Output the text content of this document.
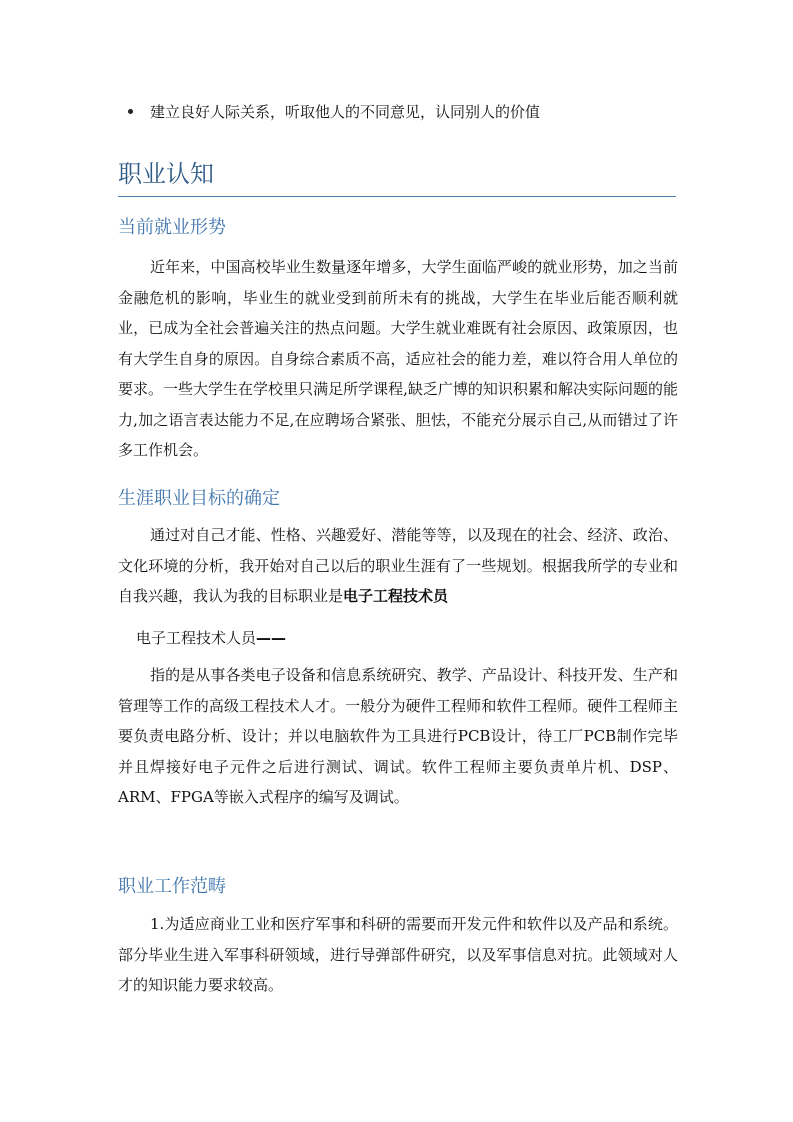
建立良好人际关系，听取他人的不同意见，认同别人的价值
职业认知
当前就业形势

近年来，中国高校毕业生数量逐年增多，大学生面临严峻的就业形势，加之当前金融危机的影响，毕业生的就业受到前所未有的挑战，大学生在毕业后能否顺利就业，已成为全社会普遍关注的热点问题。大学生就业难既有社会原因、政策原因，也有大学生自身的原因。自身综合素质不高，适应社会的能力差，难以符合用人单位的要求。一些大学生在学校里只满足所学课程,缺乏广博的知识积累和解决实际问题的能力,加之语言表达能力不足,在应聘场合紧张、胆怯，不能充分展示自己,从而错过了许多工作机会。

生涯职业目标的确定

通过对自己才能、性格、兴趣爱好、潜能等等，以及现在的社会、经济、政治、文化环境的分析，我开始对自己以后的职业生涯有了一些规划。根据我所学的专业和自我兴趣，我认为我的目标职业是电子工程技术员

电子工程技术人员——

指的是从事各类电子设备和信息系统研究、教学、产品设计、科技开发、生产和管理等工作的高级工程技术人才。一般分为硬件工程师和软件工程师。硬件工程师主要负责电路分析、设计；并以电脑软件为工具进行PCB设计，待工厂PCB制作完毕并且焊接好电子元件之后进行测试、调试。软件工程师主要负责单片机、DSP、ARM、FPGA等嵌入式程序的编写及调试。

职业工作范畴

1.为适应商业工业和医疗军事和科研的需要而开发元件和软件以及产品和系统。部分毕业生进入军事科研领域，进行导弹部件研究，以及军事信息对抗。此领域对人才的知识能力要求较高。
